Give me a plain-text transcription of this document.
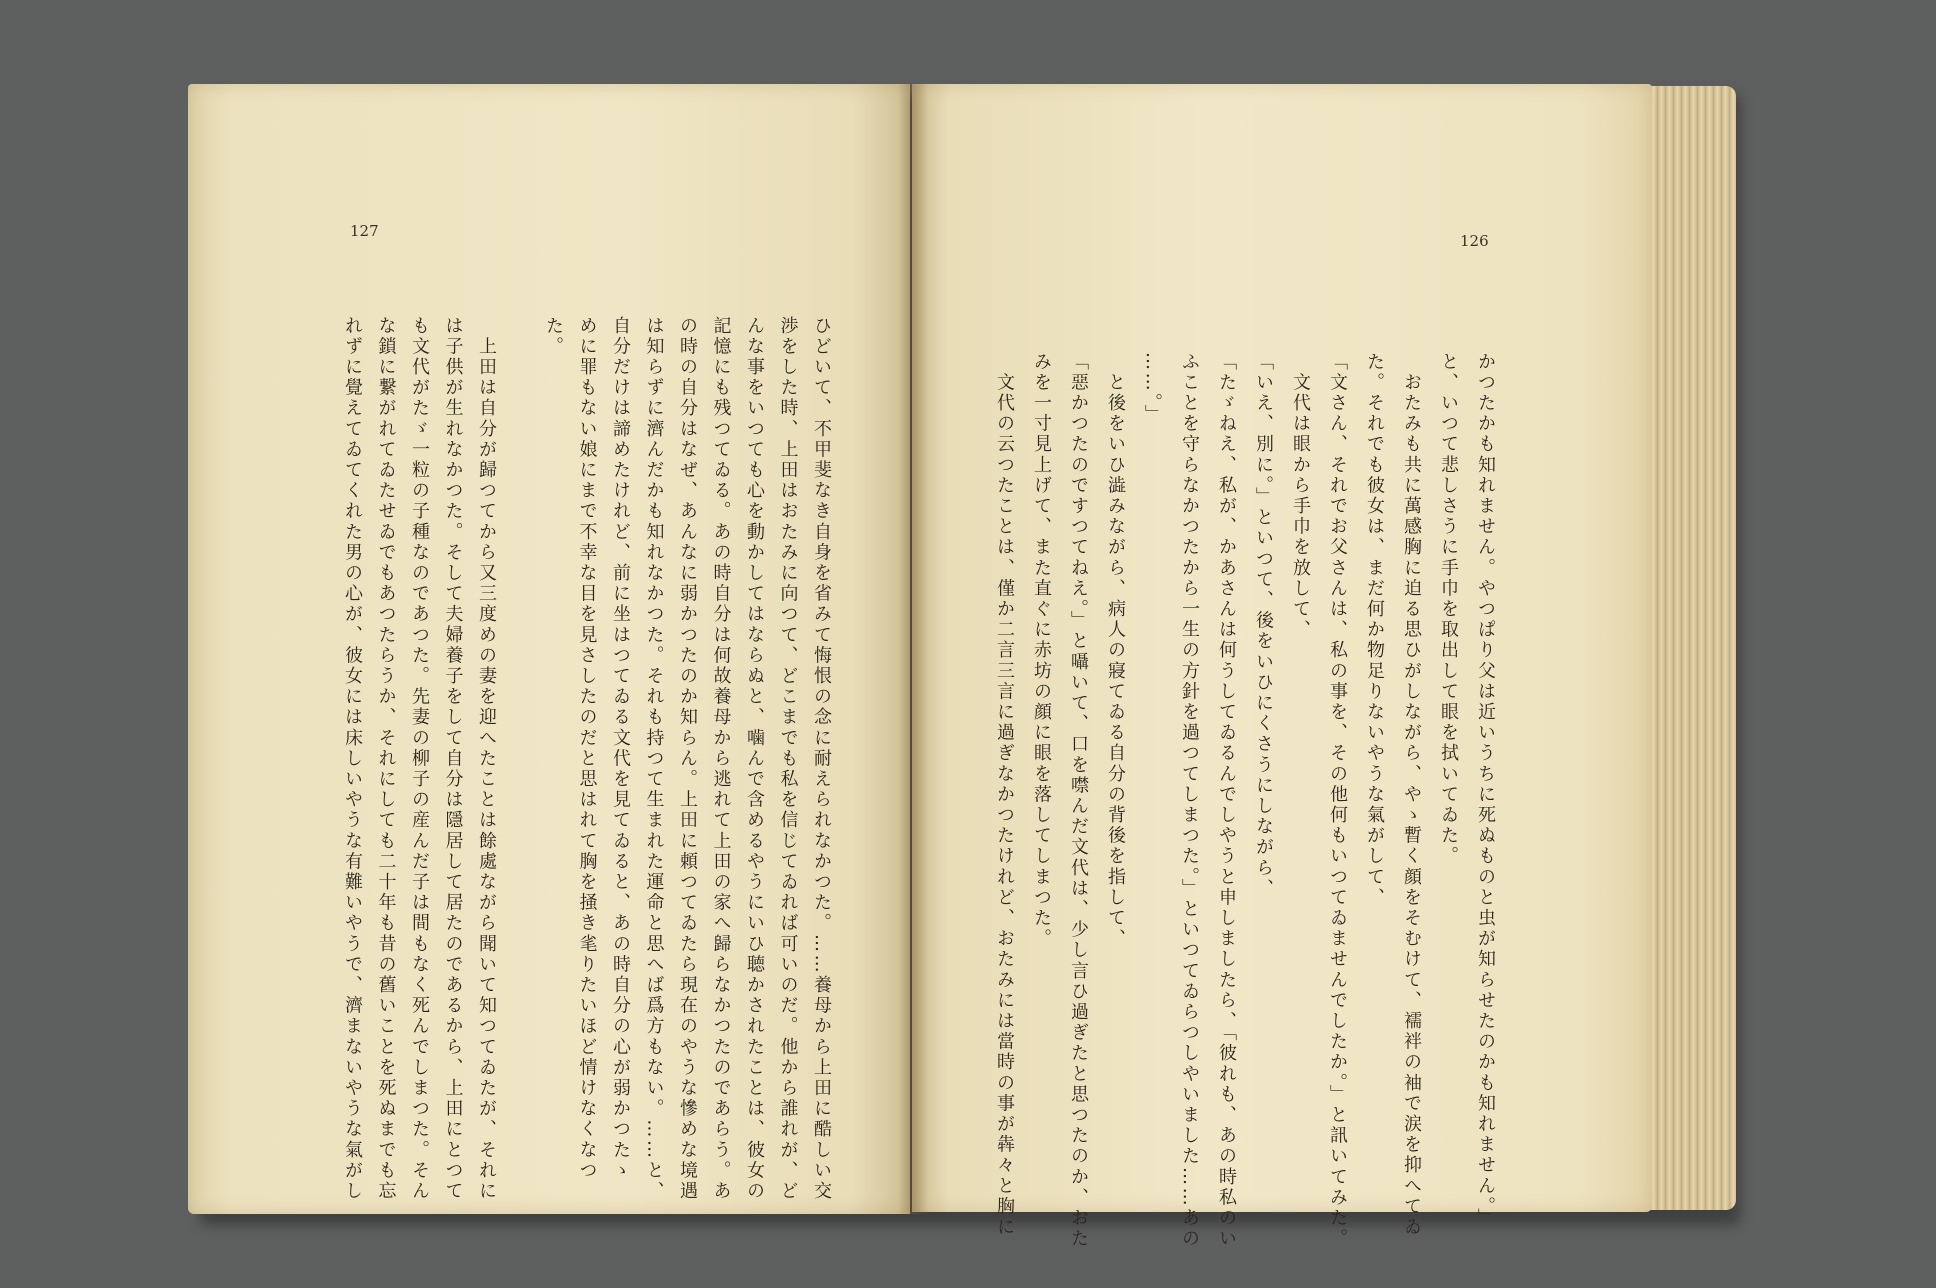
127
ひどいて、不甲斐なき自身を省みて悔恨の念に耐えられなかつた。……養母から上田に酷しい交
渉をした時、上田はおたみに向つて、どこまでも私を信じてゐれば可いのだ。他から誰れが、ど
んな事をいつても心を動かしてはならぬと、噛んで含めるやうにいひ聴かされたことは、彼女の
記憶にも残つてゐる。あの時自分は何故養母から逃れて上田の家へ歸らなかつたのであらう。あ
の時の自分はなぜ、あんなに弱かつたのか知らん。上田に頼つてゐたら現在のやうな慘めな境遇
は知らずに濟んだかも知れなかつた。それも持つて生まれた運命と思へば爲方もない。……と、
自分だけは諦めたけれど、前に坐はつてゐる文代を見てゐると、あの時自分の心が弱かつたゝ
めに罪もない娘にまで不幸な目を見さしたのだと思はれて胸を掻き毟りたいほど情けなくなつ
た。
　上田は自分が歸つてから又三度めの妻を迎へたことは餘處ながら聞いて知つてゐたが、それに
は子供が生れなかつた。そして夫婦養子をして自分は隱居して居たのであるから、上田にとつて
も文代がたゞ一粒の子種なのであつた。先妻の柳子の産んだ子は間もなく死んでしまつた。そん
な鎖に繋がれてゐたせゐでもあつたらうか、それにしても二十年も昔の舊いことを死ぬまでも忘
れずに覺えてゐてくれた男の心が、彼女には床しいやうな有難いやうで、濟まないやうな氣がし
126
かつたかも知れません。やつぱり父は近いうちに死ぬものと虫が知らせたのかも知れません。」
と、いつて悲しさうに手巾を取出して眼を拭いてゐた。
　おたみも共に萬感胸に迫る思ひがしながら、やゝ暫く顔をそむけて、襦袢の袖で涙を抑へてゐ
た。それでも彼女は、まだ何か物足りないやうな氣がして、
「文さん、それでお父さんは、私の事を、その他何もいつてゐませんでしたか。」と訊いてみた。
　文代は眼から手巾を放して、
「いえ、別に。」といつて、後をいひにくさうにしながら、
「たゞねえ、私が、かあさんは何うしてゐるんでしやうと申しましたら、「彼れも、あの時私のい
ふことを守らなかつたから一生の方針を過つてしまつた。」といつてゐらつしやいました……あの
……。」
　と後をいひ澁みながら、病人の寢てゐる自分の背後を指して、
「惡かつたのですつてねえ。」と囁いて、口を噤んだ文代は、少し言ひ過ぎたと思つたのか、おた
みを一寸見上げて、また直ぐに赤坊の顔に眼を落してしまつた。
　文代の云つたことは、僅か二言三言に過ぎなかつたけれど、おたみには當時の事が犇々と胸に
